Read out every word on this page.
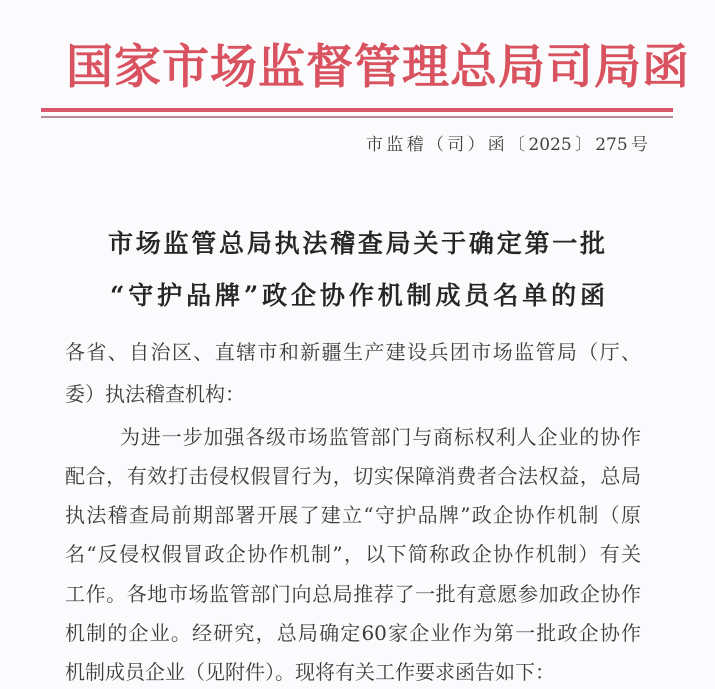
国家市场监督管理总局司局函
市监稽（司）函〔2025〕275号
市场监管总局执法稽查局关于确定第一批
“守护品牌”政企协作机制成员名单的函
各省、自治区、直辖市和新疆生产建设兵团市场监管局（厅、
委）执法稽查机构：
为进一步加强各级市场监管部门与商标权利人企业的协作
配合，有效打击侵权假冒行为，切实保障消费者合法权益，总局
执法稽查局前期部署开展了建立“守护品牌”政企协作机制（原
名“反侵权假冒政企协作机制”，以下简称政企协作机制）有关
工作。各地市场监管部门向总局推荐了一批有意愿参加政企协作
机制的企业。经研究，总局确定60家企业作为第一批政企协作
机制成员企业（见附件）。现将有关工作要求函告如下：
